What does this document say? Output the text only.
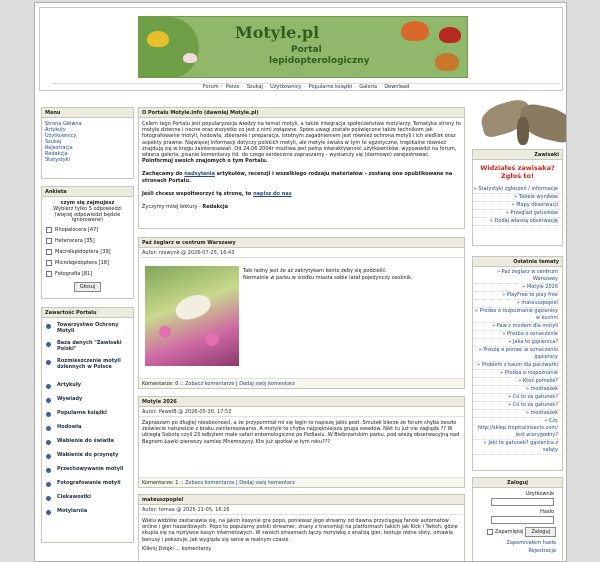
Motyle.pl
Portal
lepidopterologiczny
Forum · Porze · Szukaj · Użytkownicy · Popularne książki · Galeria · Download
Menu
Strona Główna
Artykuły
Użytkownicy
Szukaj
Rejestracja
Redakcja
Statystyki
Ankieta
czym się zajmujesz
Wybierz tylko 5 odpowiedzi (więcej odpowiedzi będzie ignorowane)
Rhopalocera [47]
Heterocera [35]
Macrolepidoptera [39]
Microlepidoptera [18]
Fotografia [81]
Głosuj
Zawartość Portalu
Towarzystwo Ochrony Motyli
Baza danych "Zawisaki Polski"
Rozmieszczenie motyli dziennych w Polsce
Artykuły
Wywiady
Popularne książki
Hodowla
Wabienie do światła
Wabienie do przynęty
Przechowywanie motyli
Fotografowanie motyli
Ciekawostki
Motylarnia
O Portalu Motyle.info (dawniej Motyle.pl)
Celem tego Portalu jest popularyzacja wiedzy na temat motyli, a także integracja społeczeństwa motylarzy. Tematyka strony to motyle dzienne i nocne oraz wszystko co jest z nimi związane. Spore uwagi zostało poświęcone także technikom jak fotografowanie motyli, hodowla, zbieranie i preparacja, istotnym zagadnieniem jest również ochrona motyli i ich siedlisk oraz aspekty prawne. Najwięcej informacji dotyczy polskich motyli, ale motyle świata w tym te egzotyczne, tropikalne również znajdują się w kręgu zainteresowań. Od 24.06.2004r możliwa jest pełna interaktywność użytkowników: wypowiedzi na forum, własna galeria, pisanie komentarzy itd. do czego serdecznie zapraszamy - wystarczy się (darmowo) zarejestrować.
Poinformuj swoich znajomych o tym Portalu.
Zachęcamy do nadsyłania artykułów, recenzji i wszelkiego rodzaju materiałów - zostaną one opublikowane na stronach Portalu.
Jeśli chcesz współtworzyć tą stronę, to napisz do nas
Życzymy miłej lektury - Redakcja
Paź żeglarz w centrum Warszawy
Autor: niewynk @ 2026-07-25, 16:43
Taki ładny jest że aż zakrytykam konto żeby się podzielić.
Normalnie w parku w środku miasta sobie latał pojedynczy osobnik.
Komentarze: 0 :: Zobacz komentarze | Dodaj swój komentarz
Motyle 2026
Autor: PawelB @ 2026-05-30, 17:52
Zapraszam po długiej nieobecności, a że przypomniał mi się login to napiszę jakiś post. Smutek bierze że forum chyba zeszło zeświecie natureście z braku zainteresowania. A motyle to chyba najpiękniejsza grupa owadów. Nikt tu już nie zagląda ?? W ubiegłą Sobotę czyli 23 odbyłem małe safari entomologiczne po Podlasiu. W Biebrzańskim parku, pod wieżą obserwacyjną nad Bagnem Ławki pierwszy samiec Mnemozyny. Kto już spotkał w tym roku???
Komentarze: 1 :: Zobacz komentarze | Dodaj swój komentarz
mateuszpopiel
Autor: tomax @ 2025-11-05, 16:16
Wielu widziów zastanawia się, na jakim kasynie gra popo, ponieważ jego streamy od dawna przyciągają fanów automatów online i gier hazardowych. Popo to popularny polski streamer, znany z transmisji na platformach takich jak Kick i Twitch, gdzie skupia się na rozrywce kasyn internetowych. W swoich streamach łączy rozrywkę z analizą gier, testuje różne sloty, omawia bonusy i pokazuje, jak wygląda się senie w realnym czasie.
Kliknij Dzięki ... komentarzy
Zawisaki
Widziałeś zawisaka?
Zgłoś to!
» Statystyki zgłoszeń / informacje
» Tabele wyników
» Mapy obserwacji
» Przegląd gatunków
» Dodaj własną obserwację
Ostatnie tematy
» Paź żeglarz w centrum Warszawy
» Motyle 2026
» PlayFree to play free
» mateuszpopiel
» Prośba o rozpoznanie gąsienicy w kuchni
» Paw z modem dla motyli
» Prośba o oznaczenie
» Jaka to gąsienica?
» Proszę o pomoc w oznaczeniu gąsienicy
» Problem z kaum dla poczwarki
» Prośba o rozpoznanie
» Ktoś pomoże?
» modraszek
» Co to za gatunek?
» Co to za gatunek?
» modraszek
» Czy http://sklep.tropicalinsects.com/ jest wiarygodny?
» Jaki to gatunek? gąsienica z sałaty
Zaloguj
Użytkownik
Hasło
Zapamiętaj	Zaloguj
Zapomniałem hasła
Rejestracja
